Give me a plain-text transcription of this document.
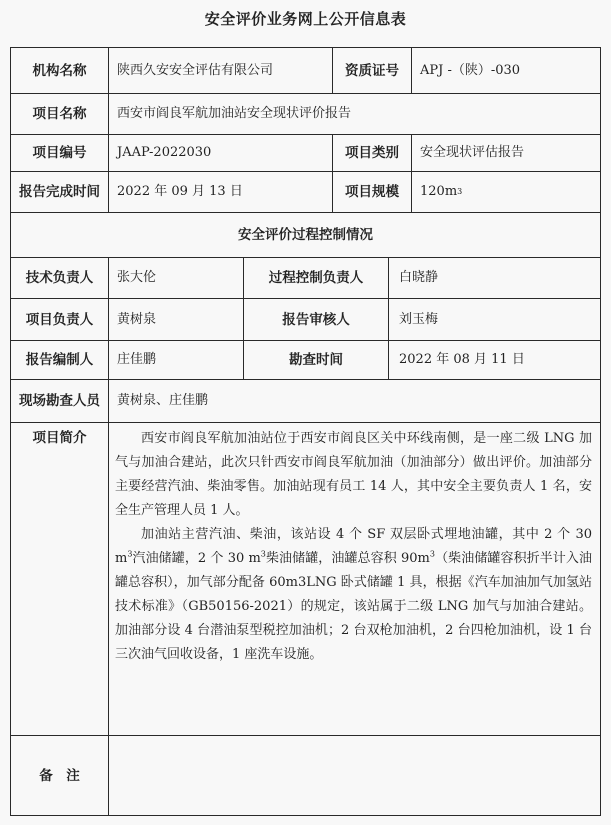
安全评价业务网上公开信息表
机构名称	陕西久安安全评估有限公司	资质证号	APJ -（陕）-030
项目名称	西安市阎良军航加油站安全现状评价报告
项目编号	JAAP-2022030	项目类别	安全现状评估报告
报告完成时间	2022 年 09 月 13 日	项目规模	120m 3
安全评价过程控制情况
技术负责人	张大伦	过程控制负责人	白晓静
项目负责人	黄树泉	报告审核人	刘玉梅
报告编制人	庄佳鹏	勘查时间	2022 年 08 月 11 日
现场勘查人员	黄树泉、庄佳鹏
项目简介	西安市阎良军航加油站位于西安市阎良区关中环线南侧，是一座二级 LNG 加气与加油合建站，此次只针西安市阎良军航加油（加油部分）做出评价。加油部分主要经营汽油、柴油零售。加油站现有员工 14 人，其中安全主要负责人 1 名，安全生产管理人员 1 人。

加油站主营汽油、柴油，该站设 4 个 SF 双层卧式埋地油罐，其中 2 个 30 $m^3$汽油储罐，2 个 30 $m^3$柴油储罐，油罐总容积 $90m^3$（柴油储罐容积折半计入油罐总容积），加气部分配备 60m3LNG 卧式储罐 1 具，根据《汽车加油加气加氢站技术标准》（GB50156-2021）的规定，该站属于二级 LNG 加气与加油合建站。加油部分设 4 台潜油泵型税控加油机；2 台双枪加油机，2 台四枪加油机，设 1 台三次油气回收设备，1 座洗车设施。

备　注
